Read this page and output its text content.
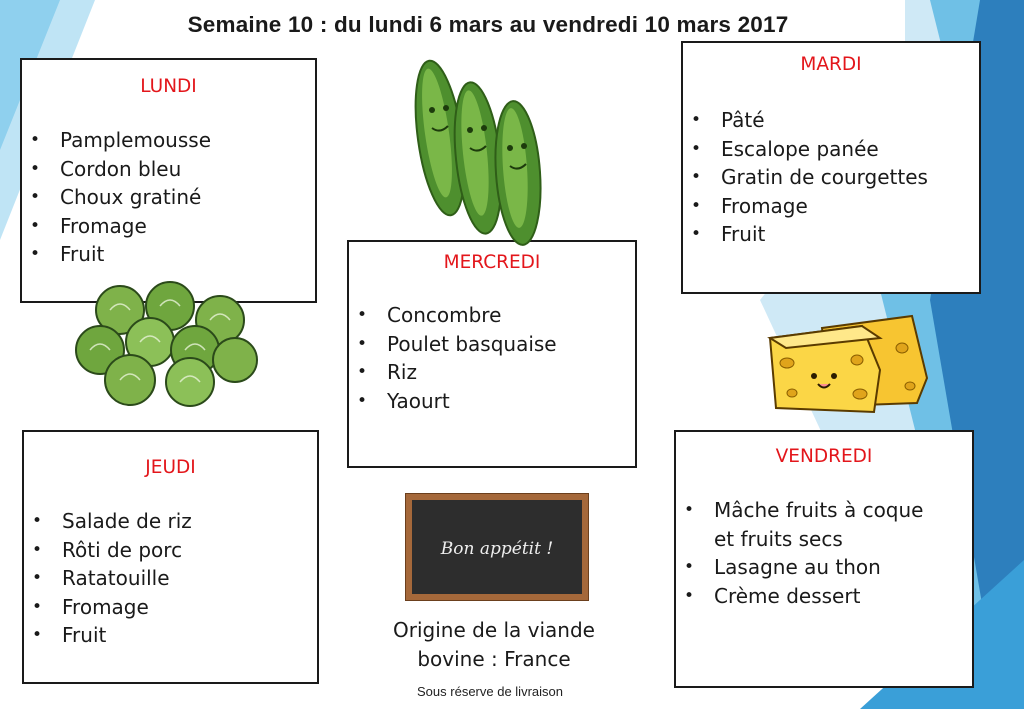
Semaine 10 : du lundi 6 mars au vendredi 10 mars 2017
LUNDI
• Pamplemousse
• Cordon bleu
• Choux gratiné
• Fromage
• Fruit
MARDI
• Pâté
• Escalope panée
• Gratin de courgettes
• Fromage
• Fruit
MERCREDI
• Concombre
• Poulet basquaise
• Riz
• Yaourt
JEUDI
• Salade de riz
• Rôti de porc
• Ratatouille
• Fromage
• Fruit
VENDREDI
• Mâche fruits à coque et fruits secs
• Lasagne au thon
• Crème dessert
Bon appétit !
Origine de la viande bovine : France
Sous réserve de livraison
